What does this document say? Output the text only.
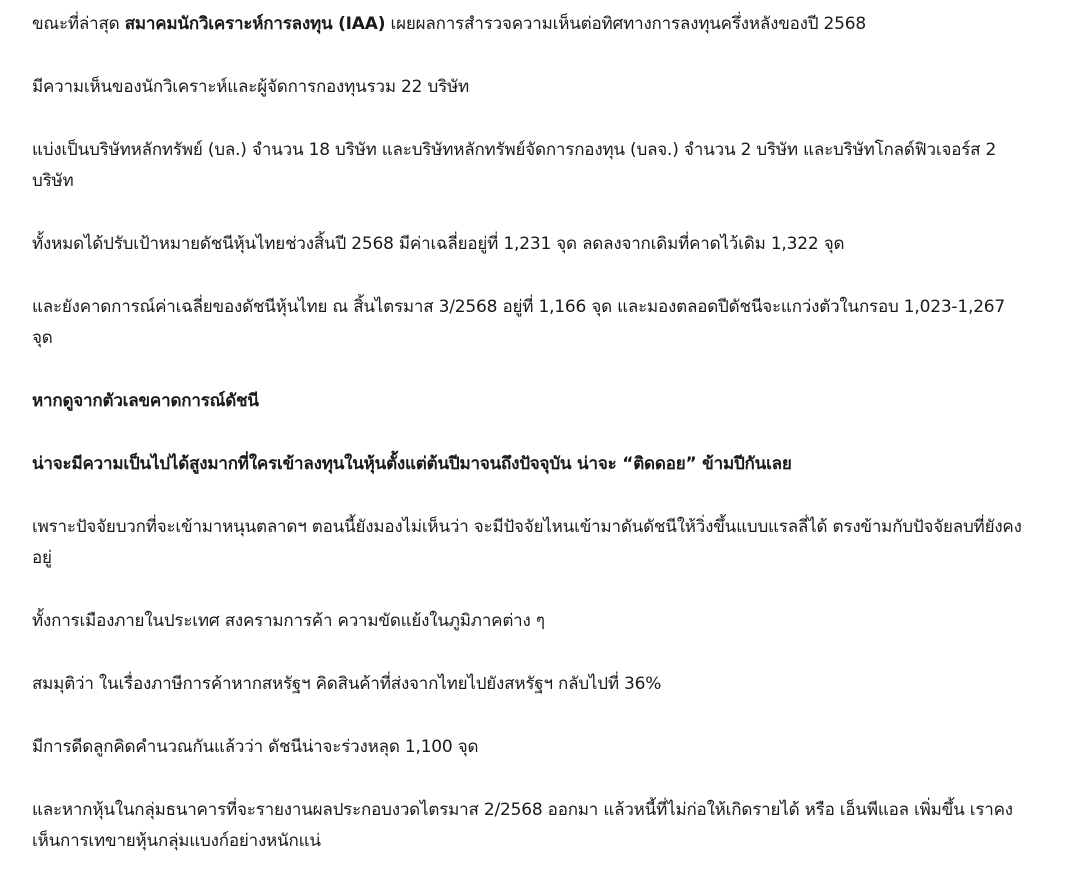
ขณะที่ล่าสุด สมาคมนักวิเคราะห์การลงทุน (IAA) เผยผลการสำรวจความเห็นต่อทิศทางการลงทุนครึ่งหลังของปี 2568

มีความเห็นของนักวิเคราะห์และผู้จัดการกองทุนรวม 22 บริษัท

แบ่งเป็นบริษัทหลักทรัพย์ (บล.) จำนวน 18 บริษัท และบริษัทหลักทรัพย์จัดการกองทุน (บลจ.) จำนวน 2 บริษัท และบริษัทโกลด์ฟิวเจอร์ส 2 บริษัท

ทั้งหมดได้ปรับเป้าหมายดัชนีหุ้นไทยช่วงสิ้นปี 2568 มีค่าเฉลี่ยอยู่ที่ 1,231 จุด ลดลงจากเดิมที่คาดไว้เดิม 1,322 จุด

และยังคาดการณ์ค่าเฉลี่ยของดัชนีหุ้นไทย ณ สิ้นไตรมาส 3/2568 อยู่ที่ 1,166 จุด และมองตลอดปีดัชนีจะแกว่งตัวในกรอบ 1,023-1,267 จุด

หากดูจากตัวเลขคาดการณ์ดัชนี

น่าจะมีความเป็นไปได้สูงมากที่ใครเข้าลงทุนในหุ้นตั้งแต่ต้นปีมาจนถึงปัจจุบัน น่าจะ “ติดดอย” ข้ามปีกันเลย

เพราะปัจจัยบวกที่จะเข้ามาหนุนตลาดฯ ตอนนี้ยังมองไม่เห็นว่า จะมีปัจจัยไหนเข้ามาดันดัชนีให้วิ่งขึ้นแบบแรลลี่ได้ ตรงข้ามกับปัจจัยลบที่ยังคงอยู่

ทั้งการเมืองภายในประเทศ สงครามการค้า ความขัดแย้งในภูมิภาคต่าง ๆ

สมมุติว่า ในเรื่องภาษีการค้าหากสหรัฐฯ คิดสินค้าที่ส่งจากไทยไปยังสหรัฐฯ กลับไปที่ 36%

มีการดีดลูกคิดคำนวณกันแล้วว่า ดัชนีน่าจะร่วงหลุด 1,100 จุด

และหากหุ้นในกลุ่มธนาคารที่จะรายงานผลประกอบงวดไตรมาส 2/2568 ออกมา แล้วหนี้ที่ไม่ก่อให้เกิดรายได้ หรือ เอ็นพีแอล เพิ่มขึ้น เราคงเห็นการเทขายหุ้นกลุ่มแบงก์อย่างหนักแน่
